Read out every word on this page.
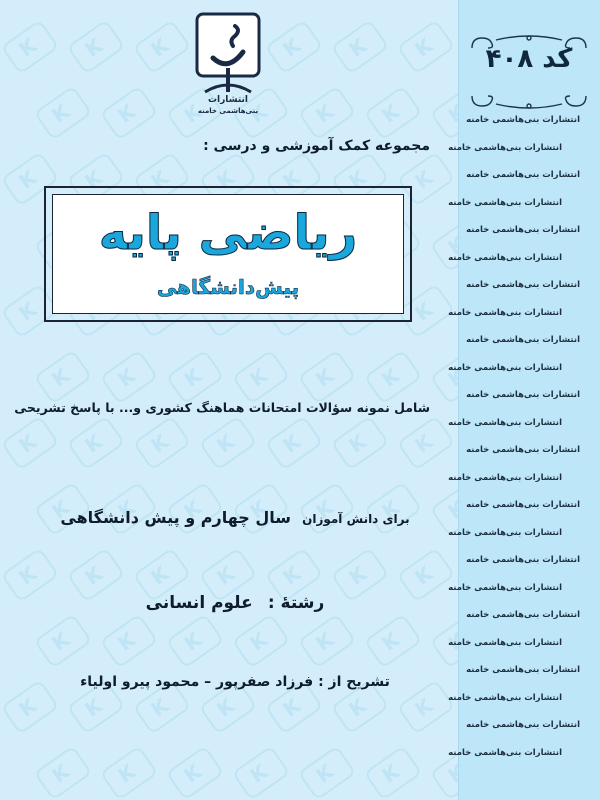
K
K
K
K
K
K
K
K
K
K
K
K
K
K
K
K
K
K
K
K
K
K
K
K
K
K
K
K
K
K
K
K
K
K
K
K
K
K
K
K
K
K
K
K
K
K
K
K
K
K
K
K
K
K
K
K
K
K
K
K
K
K
K
K
K
K
K
K
K
K
K
K
K
K
K
K
K
K
K
K
K
K
K
K
کد ۴۰۸
انتشارات بنی‌هاشمی خامنه
انتشارات بنی‌هاشمی خامنه
انتشارات بنی‌هاشمی خامنه
انتشارات بنی‌هاشمی خامنه
انتشارات بنی‌هاشمی خامنه
انتشارات بنی‌هاشمی خامنه
انتشارات بنی‌هاشمی خامنه
انتشارات بنی‌هاشمی خامنه
انتشارات بنی‌هاشمی خامنه
انتشارات بنی‌هاشمی خامنه
انتشارات بنی‌هاشمی خامنه
انتشارات بنی‌هاشمی خامنه
انتشارات بنی‌هاشمی خامنه
انتشارات بنی‌هاشمی خامنه
انتشارات بنی‌هاشمی خامنه
انتشارات بنی‌هاشمی خامنه
انتشارات بنی‌هاشمی خامنه
انتشارات بنی‌هاشمی خامنه
انتشارات بنی‌هاشمی خامنه
انتشارات بنی‌هاشمی خامنه
انتشارات بنی‌هاشمی خامنه
انتشارات بنی‌هاشمی خامنه
انتشارات بنی‌هاشمی خامنه
انتشارات بنی‌هاشمی خامنه
انتشارات
بنی‌هاشمی خامنه
مجموعه کمک آموزشی و درسی :
ریاضی پایه
پیش‌دانشگاهی
شامل نمونه سؤالات امتحانات هماهنگ کشوری و... با پاسخ تشریحی
برای دانش آموزان سال چهارم و پیش دانشگاهی
رشتهٔ : علوم انسانی
تشریح از : فرزاد صفرپور – محمود پیرو اولیاء
